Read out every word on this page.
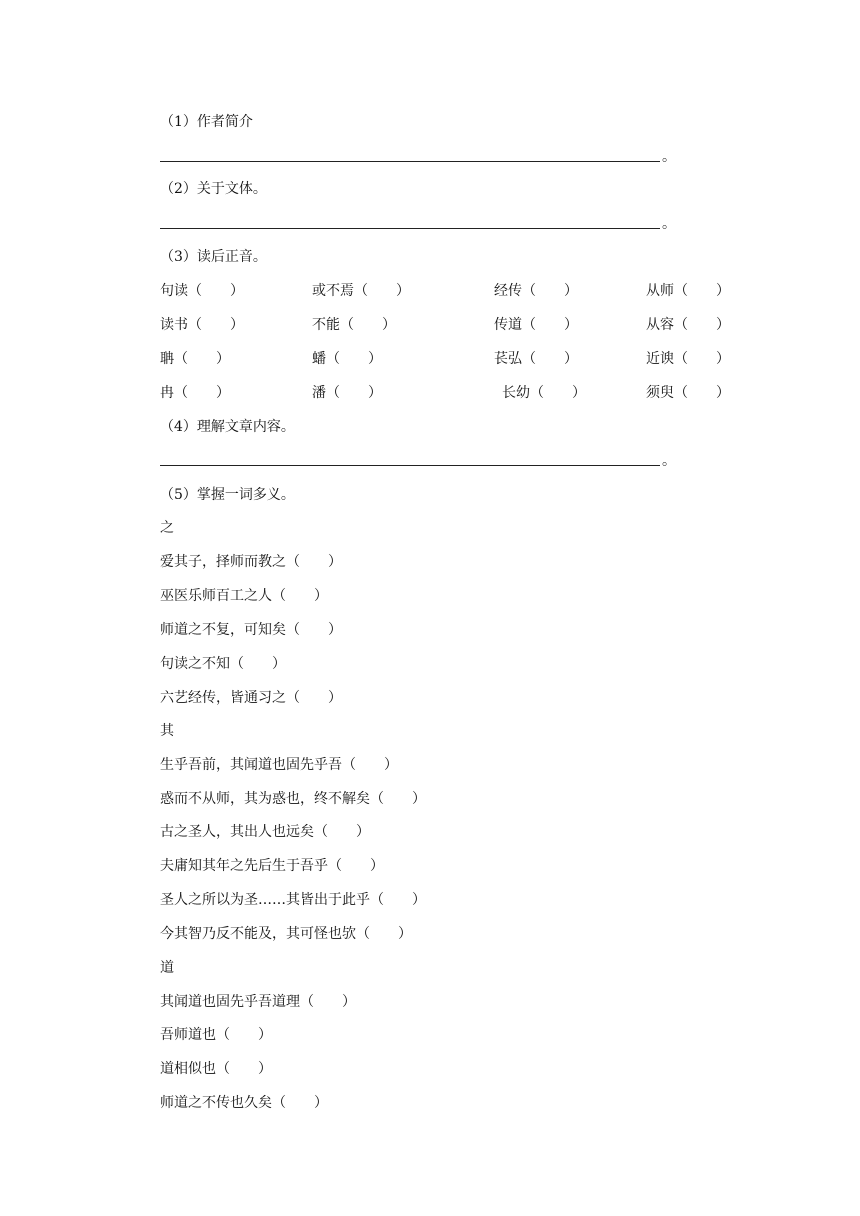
（1）作者简介
。
（2）关于文体。
。
（3）读后正音。
句读（　　）	或不焉（　　）	经传（　　）	从师（　　）
读书（　　）	不能（　　）	传道（　　）	从容（　　）
聃（　　）	蟠（　　）	苌弘（　　）	近谀（　　）
冉（　　）	潘（　　）	长幼（　　）	须臾（　　）
（4）理解文章内容。
。
（5）掌握一词多义。
之
爱其子，择师而教之（　　）
巫医乐师百工之人（　　）
师道之不复，可知矣（　　）
句读之不知（　　）
六艺经传，皆通习之（　　）
其
生乎吾前，其闻道也固先乎吾（　　）
惑而不从师，其为惑也，终不解矣（　　）
古之圣人，其出人也远矣（　　）
夫庸知其年之先后生于吾乎（　　）
圣人之所以为圣……其皆出于此乎（　　）
今其智乃反不能及，其可怪也欤（　　）
道
其闻道也固先乎吾道理（　　）
吾师道也（　　）
道相似也（　　）
师道之不传也久矣（　　）
